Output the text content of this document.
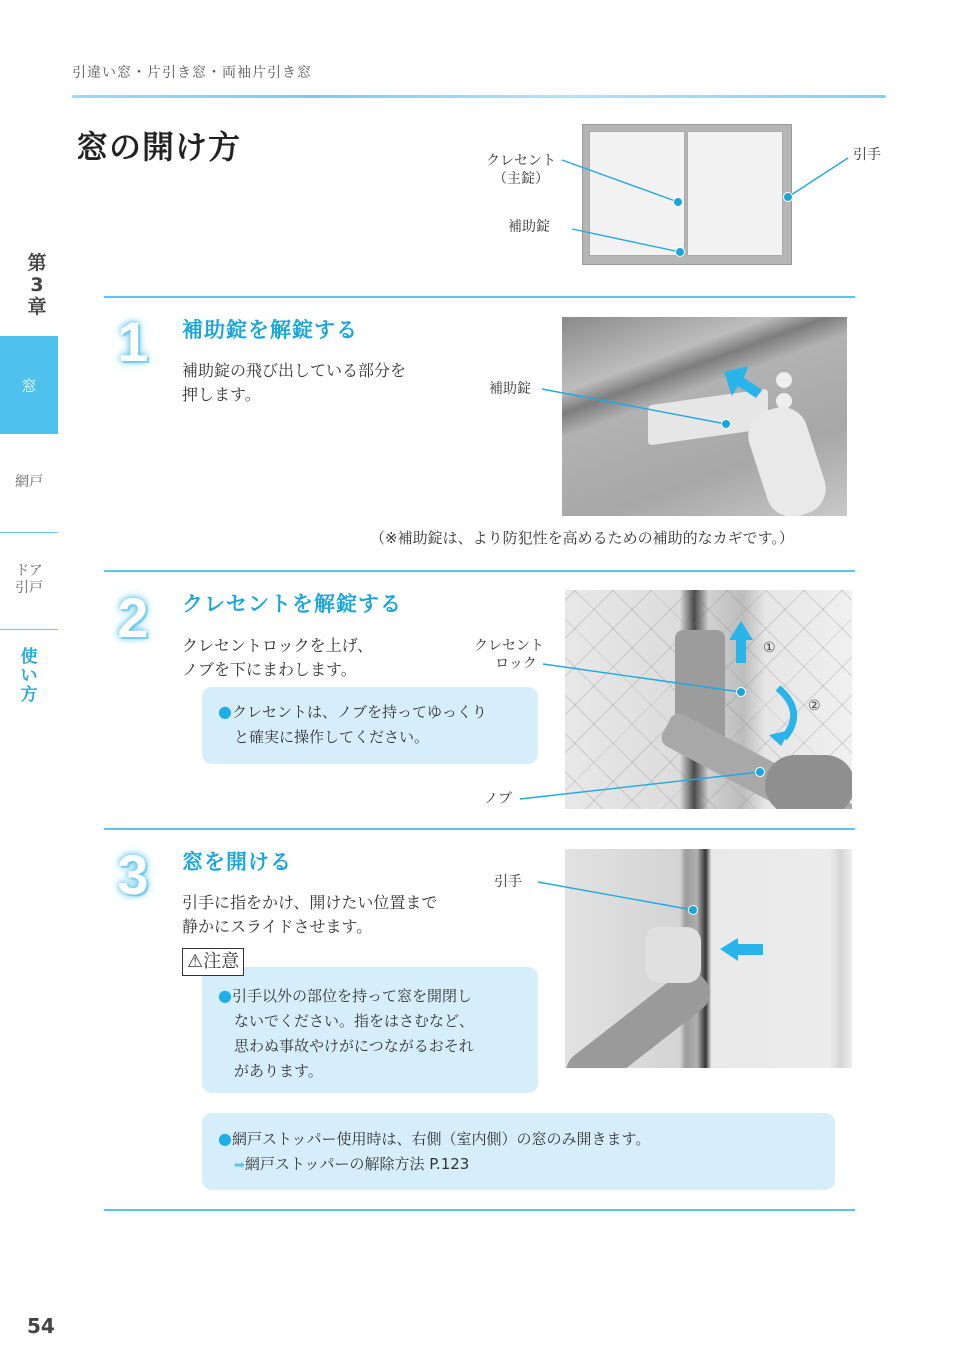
引違い窓・片引き窓・両袖片引き窓
窓の開け方
第
3
章
窓
網戸
ドア
引戸
使
い
方
クレセント
（主錠）
補助錠
引手
1	補助錠を解錠する
補助錠の飛び出している部分を
押します。	補助錠
（※補助錠は、より防犯性を高めるための補助的なカギです。）
2	クレセントを解錠する
クレセントロックを上げ、
ノブを下にまわします。
●クレセントは、ノブを持ってゆっくり
と確実に操作してください。
クレセント
ロック
ノブ
①
②
3	窓を開ける
引手に指をかけ、開けたい位置まで
静かにスライドさせます。
引手
●引手以外の部位を持って窓を開閉し
ないでください。指をはさむなど、
思わぬ事故やけがにつながるおそれ
があります。
⚠注意
●網戸ストッパー使用時は、右側（室内側）の窓のみ開きます。
➡網戸ストッパーの解除方法 P.123
54
